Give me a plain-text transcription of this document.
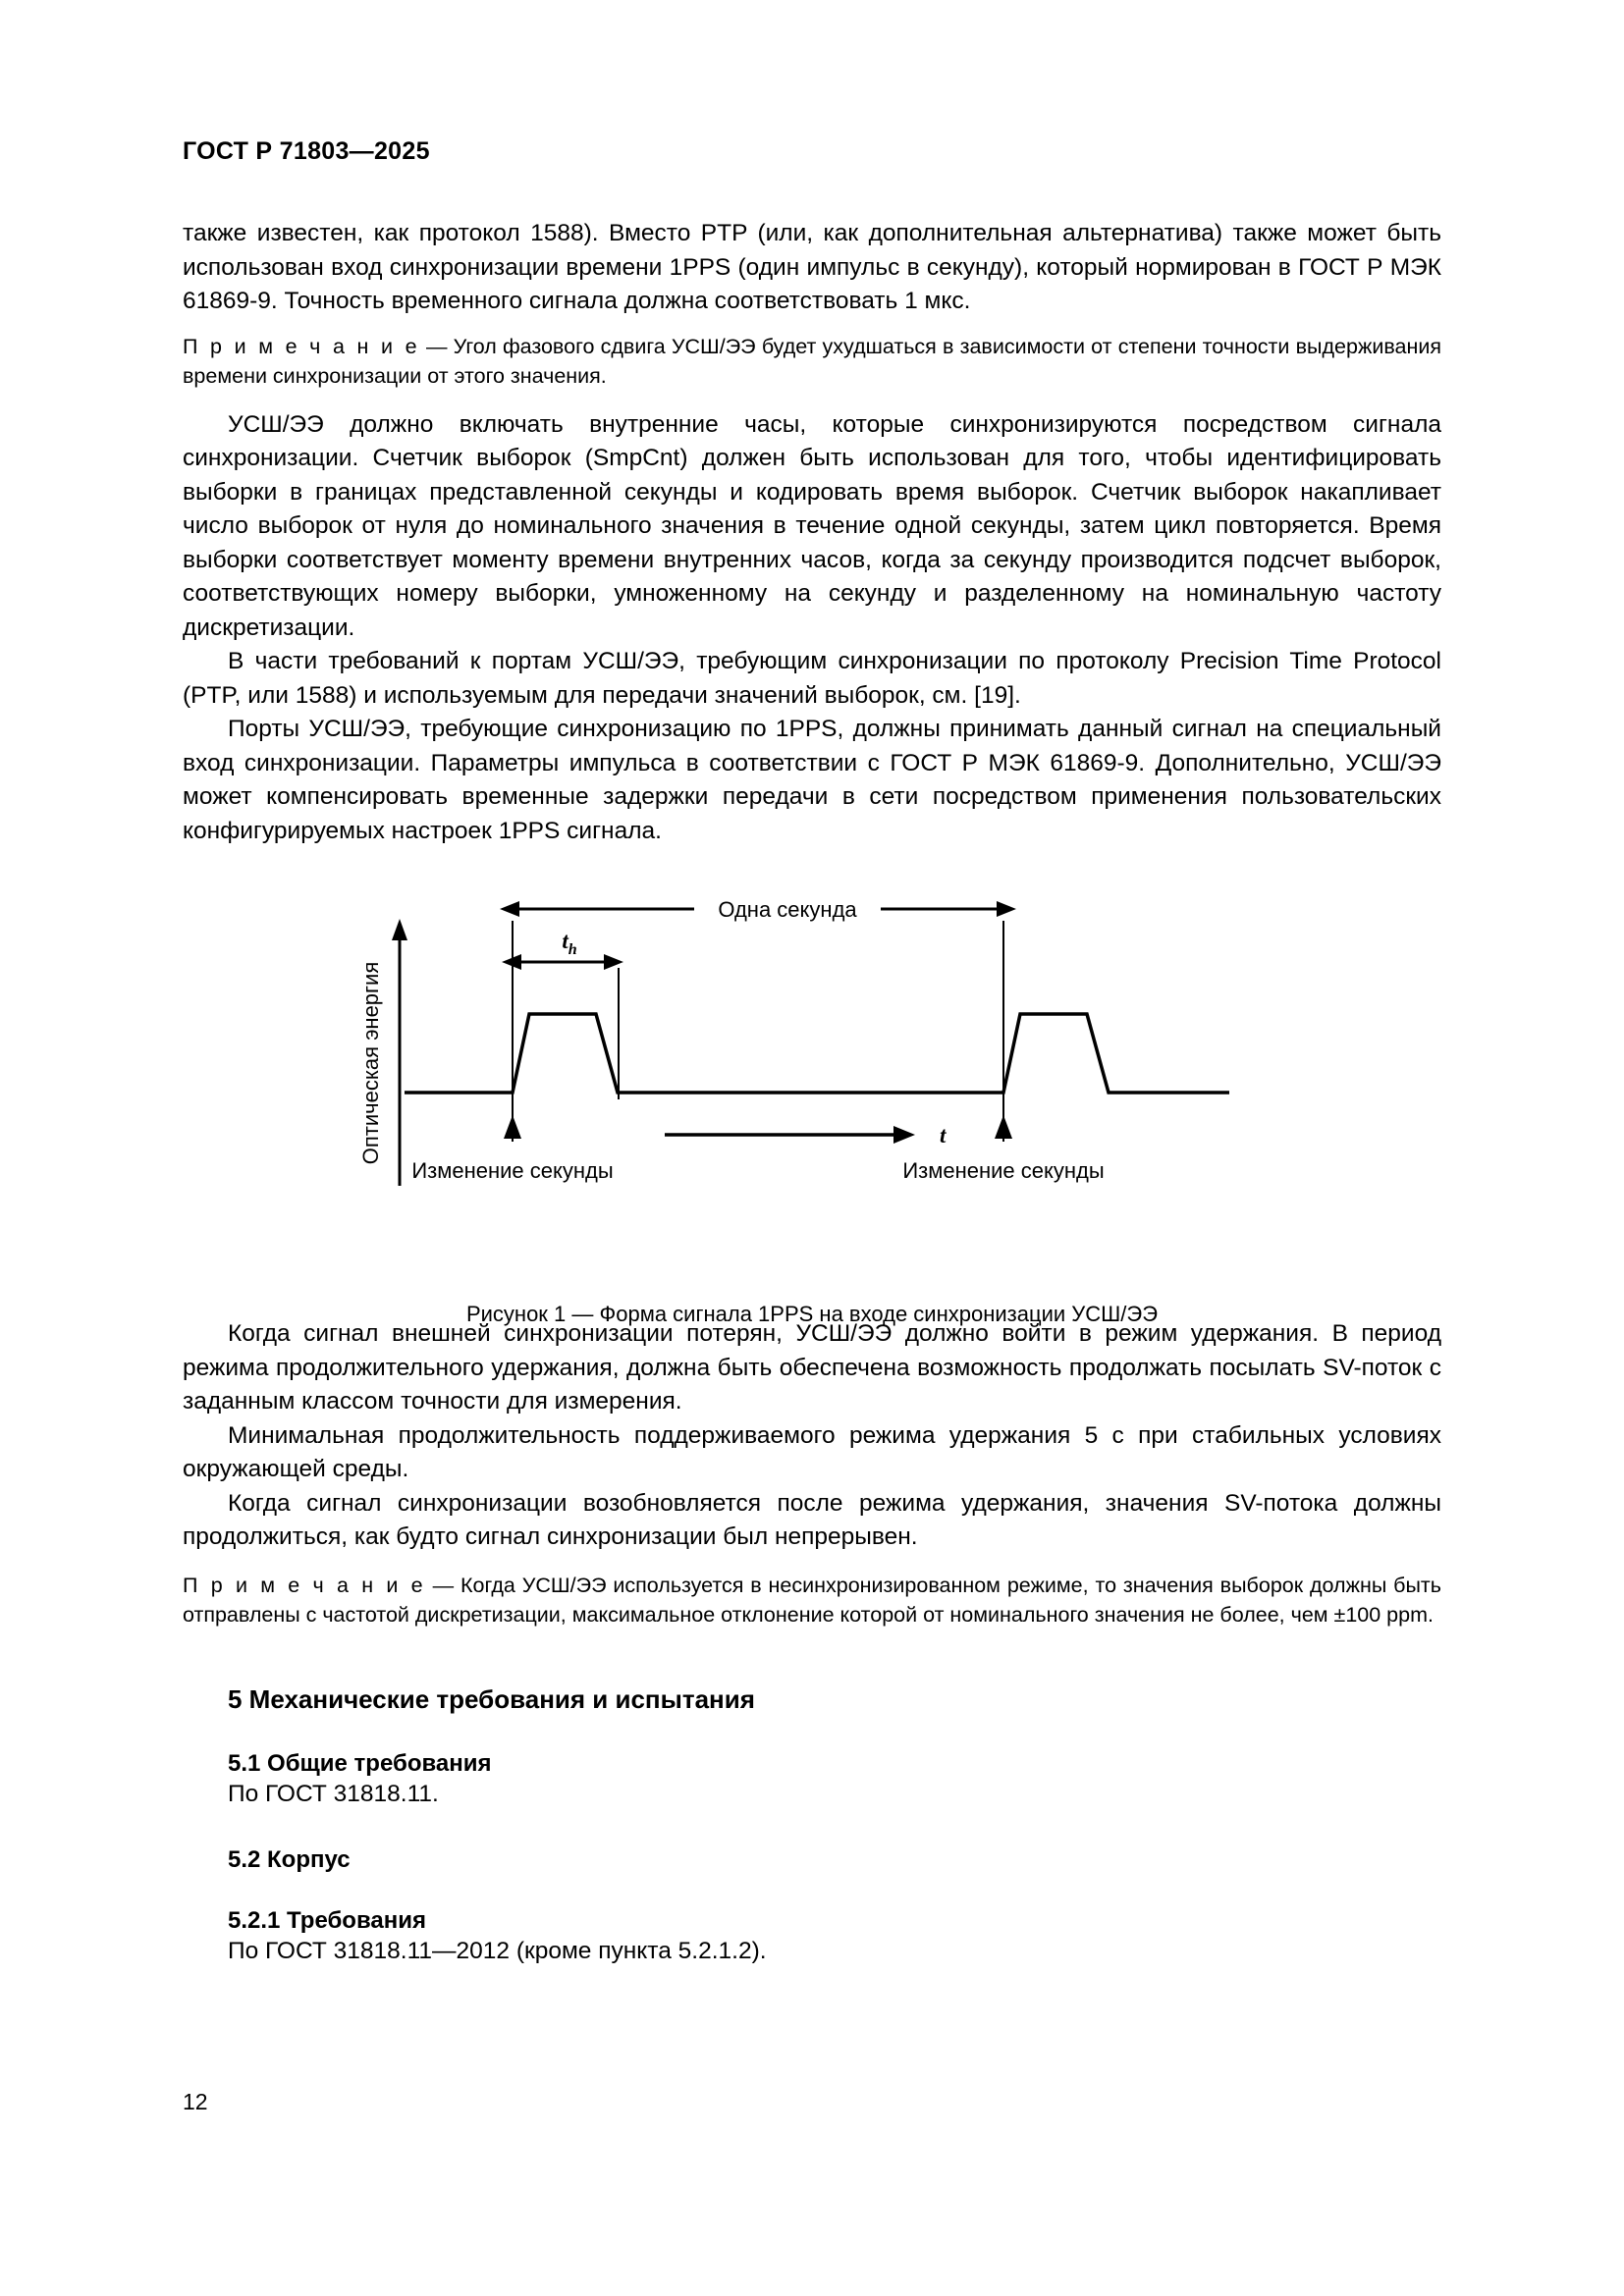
ГОСТ Р 71803—2025

также известен, как протокол 1588). Вместо PTP (или, как дополнительная альтернатива) также может быть использован вход синхронизации времени 1PPS (один импульс в секунду), который нормирован в ГОСТ Р МЭК 61869-9. Точность временного сигнала должна соответствовать 1 мкс.

П р и м е ч а н и е — Угол фазового сдвига УСШ/ЭЭ будет ухудшаться в зависимости от степени точности выдерживания времени синхронизации от этого значения.

УСШ/ЭЭ должно включать внутренние часы, которые синхронизируются посредством сигнала синхронизации. Счетчик выборок (SmpCnt) должен быть использован для того, чтобы идентифицировать выборки в границах представленной секунды и кодировать время выборок. Счетчик выборок накапливает число выборок от нуля до номинального значения в течение одной секунды, затем цикл повторяется. Время выборки соответствует моменту времени внутренних часов, когда за секунду производится подсчет выборок, соответствующих номеру выборки, умноженному на секунду и разделенному на номинальную частоту дискретизации.

В части требований к портам УСШ/ЭЭ, требующим синхронизации по протоколу Precision Time Protocol (PTP, или 1588) и используемым для передачи значений выборок, см. [19].

Порты УСШ/ЭЭ, требующие синхронизацию по 1PPS, должны принимать данный сигнал на специальный вход синхронизации. Параметры импульса в соответствии с ГОСТ Р МЭК 61869-9. Дополнительно, УСШ/ЭЭ может компенсировать временные задержки передачи в сети посредством применения пользовательских конфигурируемых настроек 1PPS сигнала.

Оптическая энергия
Одна секунда
$t_h$
t
Изменение секунды	Изменение секунды
Рисунок 1 — Форма сигнала 1PPS на входе синхронизации УСШ/ЭЭ

Когда сигнал внешней синхронизации потерян, УСШ/ЭЭ должно войти в режим удержания. В период режима продолжительного удержания, должна быть обеспечена возможность продолжать посылать SV-поток с заданным классом точности для измерения.

Минимальная продолжительность поддерживаемого режима удержания 5 с при стабильных условиях окружающей среды.

Когда сигнал синхронизации возобновляется после режима удержания, значения SV-потока должны продолжиться, как будто сигнал синхронизации был непрерывен.

П р и м е ч а н и е — Когда УСШ/ЭЭ используется в несинхронизированном режиме, то значения выборок должны быть отправлены с частотой дискретизации, максимальное отклонение которой от номинального значения не более, чем ±100 ppm.

5 Механические требования и испытания
5.1 Общие требования

По ГОСТ 31818.11.

5.2 Корпус
5.2.1 Требования

По ГОСТ 31818.11—2012 (кроме пункта 5.2.1.2).

12
